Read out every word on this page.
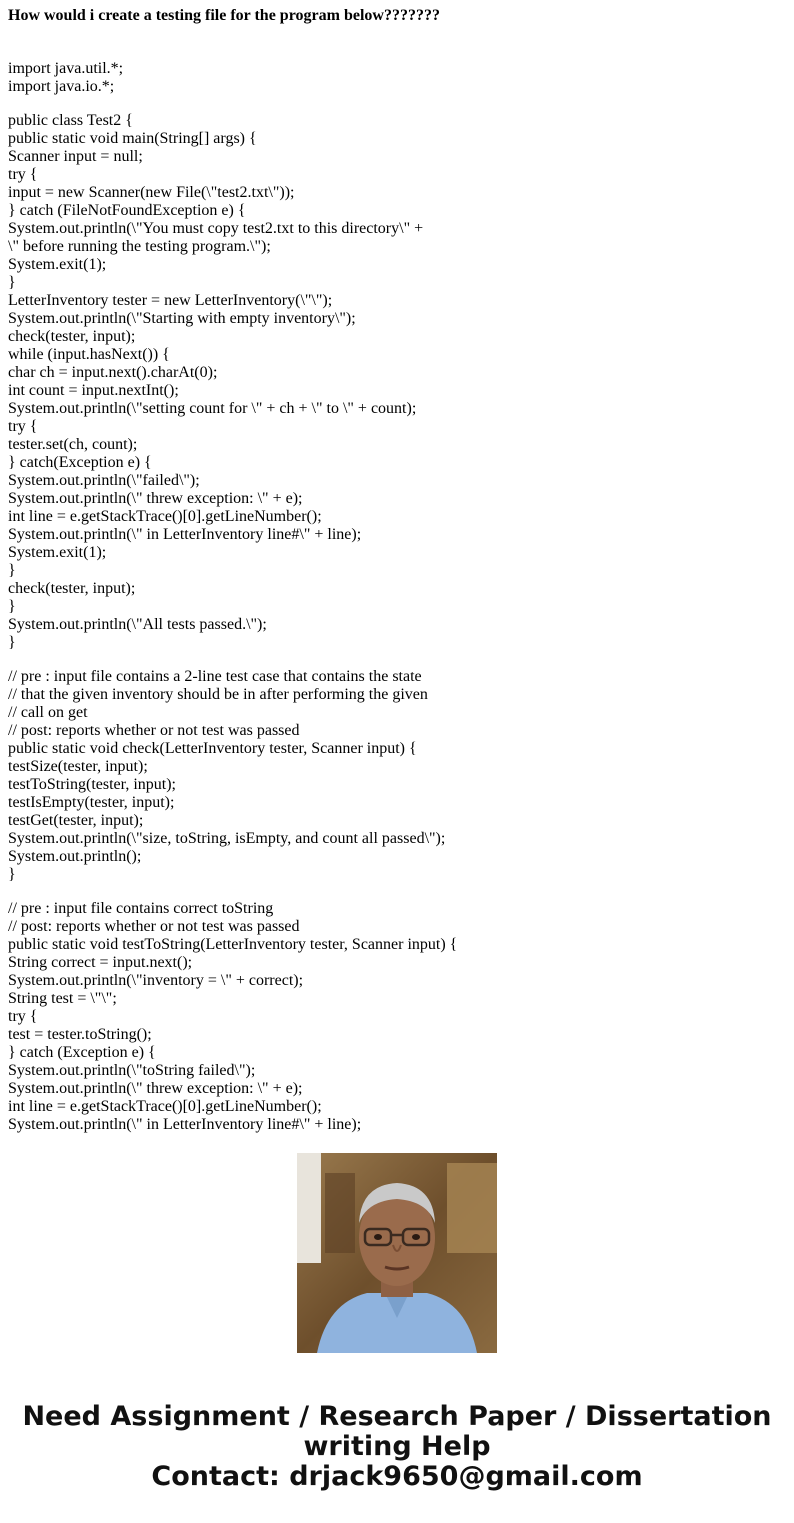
How would i create a testing file for the program below???????
import java.util.*;
import java.io.*;
public class Test2 {
public static void main(String[] args) {
Scanner input = null;
try {
input = new Scanner(new File(\"test2.txt\"));
} catch (FileNotFoundException e) {
System.out.println(\"You must copy test2.txt to this directory\" +
\" before running the testing program.\");
System.exit(1);
}
LetterInventory tester = new LetterInventory(\"\");
System.out.println(\"Starting with empty inventory\");
check(tester, input);
while (input.hasNext()) {
char ch = input.next().charAt(0);
int count = input.nextInt();
System.out.println(\"setting count for \" + ch + \" to \" + count);
try {
tester.set(ch, count);
} catch(Exception e) {
System.out.println(\"failed\");
System.out.println(\" threw exception: \" + e);
int line = e.getStackTrace()[0].getLineNumber();
System.out.println(\" in LetterInventory line#\" + line);
System.exit(1);
}
check(tester, input);
}
System.out.println(\"All tests passed.\");
}
// pre : input file contains a 2-line test case that contains the state
// that the given inventory should be in after performing the given
// call on get
// post: reports whether or not test was passed
public static void check(LetterInventory tester, Scanner input) {
testSize(tester, input);
testToString(tester, input);
testIsEmpty(tester, input);
testGet(tester, input);
System.out.println(\"size, toString, isEmpty, and count all passed\");
System.out.println();
}
// pre : input file contains correct toString
// post: reports whether or not test was passed
public static void testToString(LetterInventory tester, Scanner input) {
String correct = input.next();
System.out.println(\"inventory = \" + correct);
String test = \"\";
try {
test = tester.toString();
} catch (Exception e) {
System.out.println(\"toString failed\");
System.out.println(\" threw exception: \" + e);
int line = e.getStackTrace()[0].getLineNumber();
System.out.println(\" in LetterInventory line#\" + line);
Need Assignment / Research Paper / Dissertation
writing Help
Contact: drjack9650@gmail.com
